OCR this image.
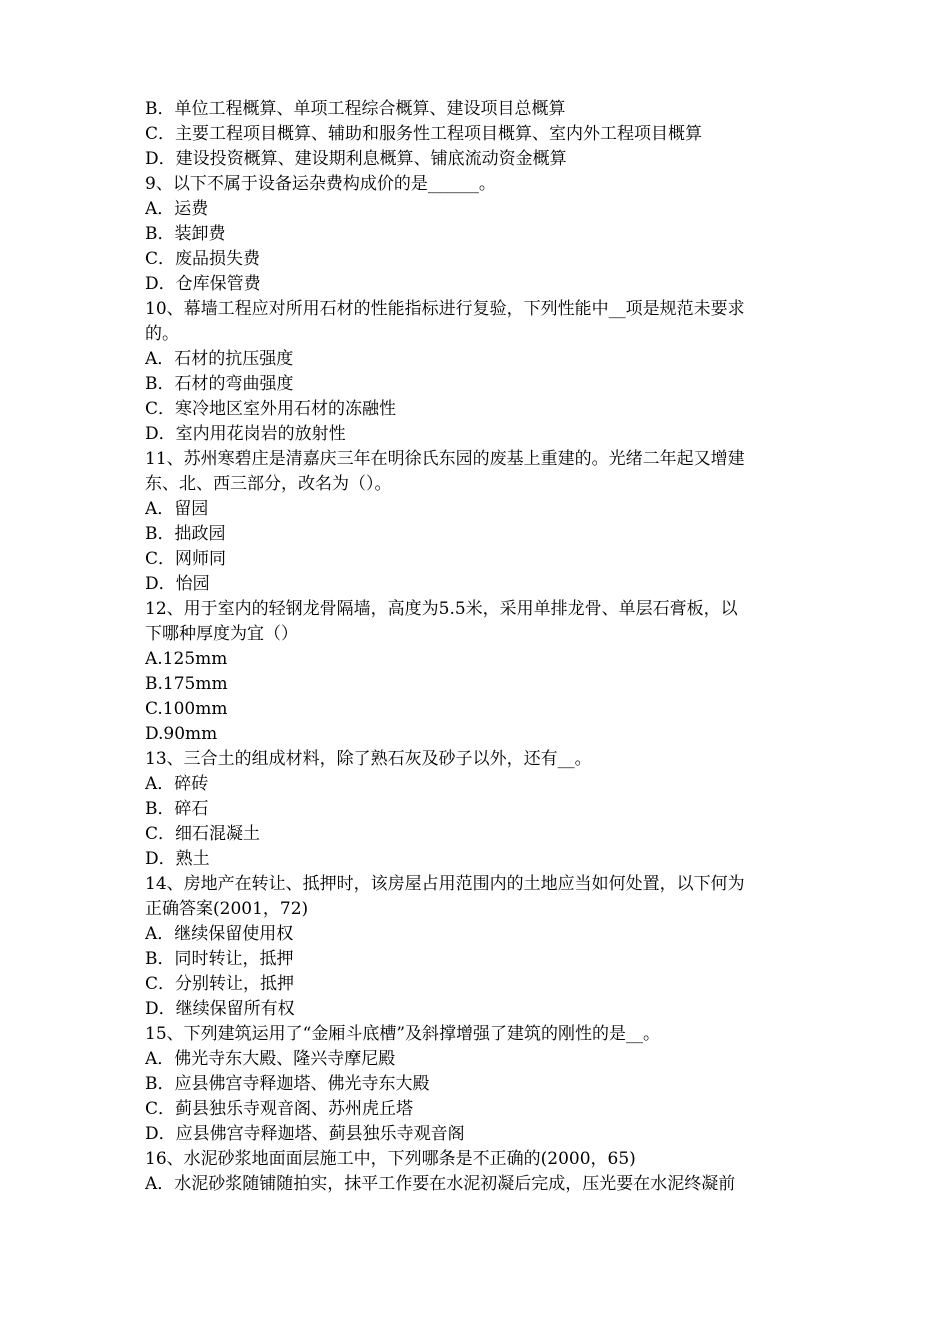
B．单位工程概算、单项工程综合概算、建设项目总概算
C．主要工程项目概算、辅助和服务性工程项目概算、室内外工程项目概算
D．建设投资概算、建设期利息概算、铺底流动资金概算
9、以下不属于设备运杂费构成价的是______。
A．运费
B．装卸费
C．废品损失费
D．仓库保管费
10、幕墙工程应对所用石材的性能指标进行复验，下列性能中__项是规范未要求
的。
A．石材的抗压强度
B．石材的弯曲强度
C．寒冷地区室外用石材的冻融性
D．室内用花岗岩的放射性
11、苏州寒碧庄是清嘉庆三年在明徐氏东园的废基上重建的。光绪二年起又增建
东、北、西三部分，改名为（）。
A．留园
B．拙政园
C．网师同
D．怡园
12、用于室内的轻钢龙骨隔墙，高度为5.5米，采用单排龙骨、单层石膏板，以
下哪种厚度为宜（）
A.125mm
B.175mm
C.100mm
D.90mm
13、三合土的组成材料，除了熟石灰及砂子以外，还有__。
A．碎砖
B．碎石
C．细石混凝土
D．熟土
14、房地产在转让、抵押时，该房屋占用范围内的土地应当如何处置，以下何为
正确答案(2001，72)
A．继续保留使用权
B．同时转让，抵押
C．分别转让，抵押
D．继续保留所有权
15、下列建筑运用了“金厢斗底槽”及斜撑增强了建筑的刚性的是__。
A．佛光寺东大殿、隆兴寺摩尼殿
B．应县佛宫寺释迦塔、佛光寺东大殿
C．蓟县独乐寺观音阁、苏州虎丘塔
D．应县佛宫寺释迦塔、蓟县独乐寺观音阁
16、水泥砂浆地面面层施工中，下列哪条是不正确的(2000，65)
A．水泥砂浆随铺随拍实，抹平工作要在水泥初凝后完成，压光要在水泥终凝前
